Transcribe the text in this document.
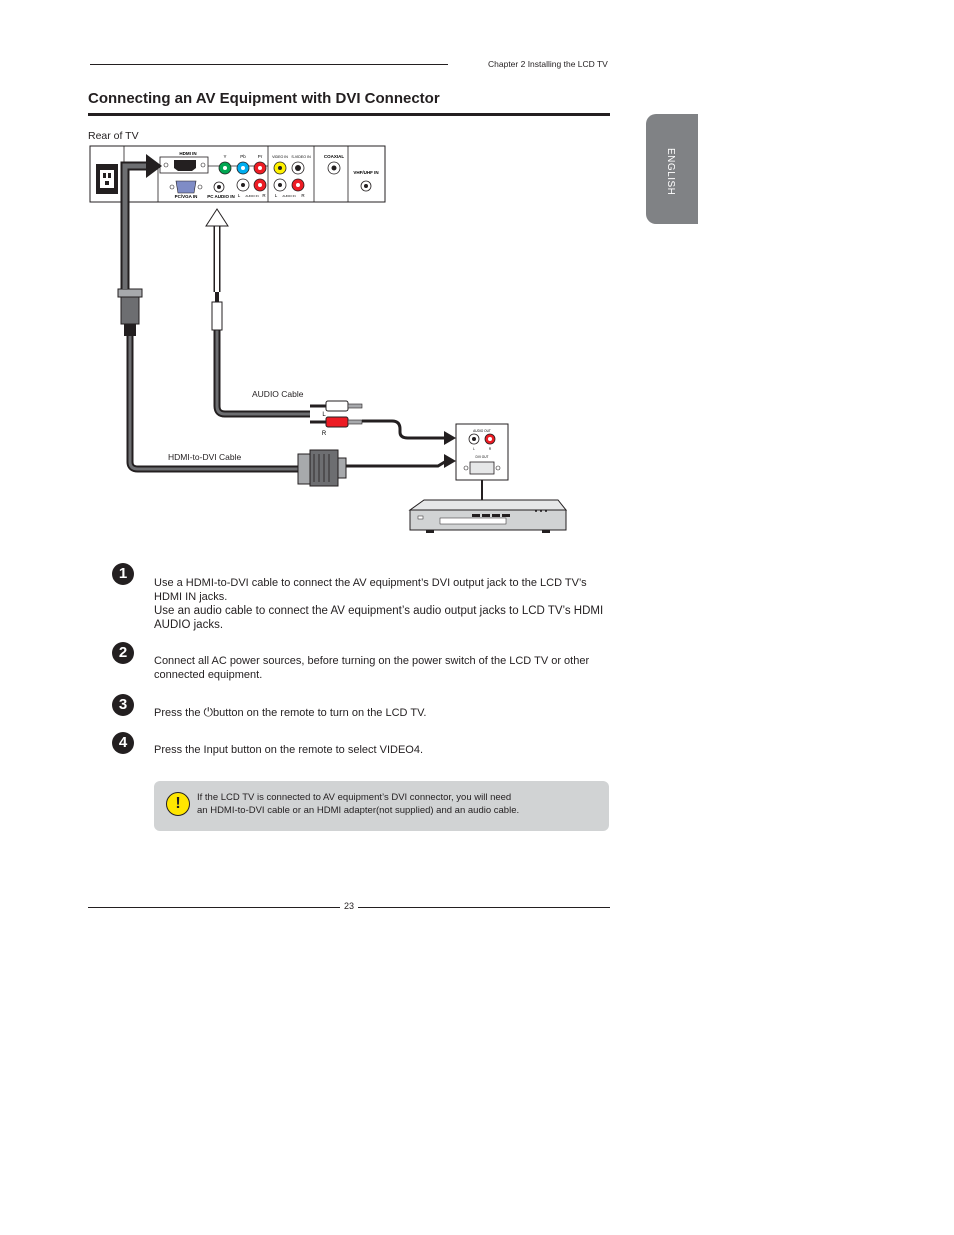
Chapter 2 Installing the LCD TV
Connecting an AV Equipment with DVI Connector
ENGLISH
Rear of TV
HDMI IN
Y	Pb	Pr
L	R
AUDIO IN
PC/VGA IN PC AUDIO IN
VIDEO IN S-VIDEO IN
L	R
AUDIO IN
COAXIAL
VHF/UHF IN
L
R	AUDIO OUT
L	R
DVI OUT
AUDIO Cable
HDMI-to-DVI Cable
1
Use a HDMI-to-DVI cable to connect the AV equipment’s DVI output jack to the LCD TV’s HDMI IN jacks.
Use an audio cable to connect the AV equipment’s audio output jacks to LCD TV’s HDMI AUDIO jacks.
2	Connect all AC power sources, before turning on the power switch of the LCD TV or other connected equipment.
3	Press the ⏻button on the remote to turn on the LCD TV.
4	Press the Input button on the remote to select VIDEO4.
!	If the LCD TV is connected to AV equipment’s DVI connector, you will need
an HDMI-to-DVI cable or an HDMI adapter(not supplied) and an audio cable.
23
